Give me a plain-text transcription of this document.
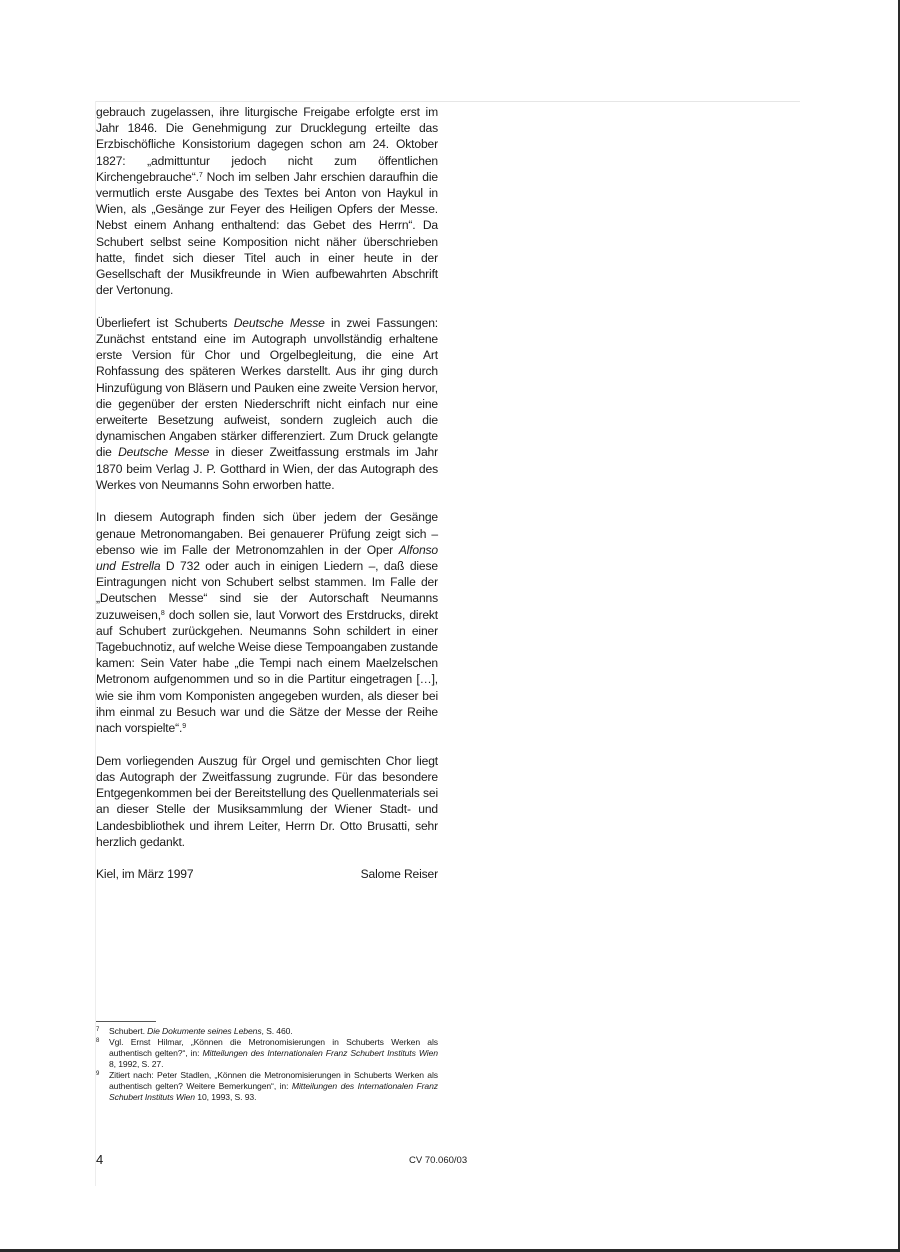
gebrauch zugelassen, ihre liturgische Freigabe erfolgte erst im Jahr 1846. Die Genehmigung zur Drucklegung erteilte das Erzbischöfliche Konsistorium dagegen schon am 24. Oktober 1827: „admittuntur jedoch nicht zum öffentlichen Kirchengebrauche“.$^7$ Noch im selben Jahr erschien daraufhin die vermutlich erste Ausgabe des Textes bei Anton von Haykul in Wien, als „Gesänge zur Feyer des Heiligen Opfers der Messe. Nebst einem Anhang enthaltend: das Gebet des Herrn“. Da Schubert selbst seine Komposition nicht näher überschrieben hatte, findet sich dieser Titel auch in einer heute in der Gesellschaft der Musikfreunde in Wien aufbewahrten Abschrift der Vertonung.

Überliefert ist Schuberts Deutsche Messe in zwei Fassungen: Zunächst entstand eine im Autograph unvollständig erhaltene erste Version für Chor und Orgelbegleitung, die eine Art Rohfassung des späteren Werkes darstellt. Aus ihr ging durch Hinzufügung von Bläsern und Pauken eine zweite Version hervor, die gegenüber der ersten Niederschrift nicht einfach nur eine erweiterte Besetzung aufweist, sondern zugleich auch die dynamischen Angaben stärker differenziert. Zum Druck gelangte die Deutsche Messe in dieser Zweitfassung erstmals im Jahr 1870 beim Verlag J. P. Gotthard in Wien, der das Autograph des Werkes von Neumanns Sohn erworben hatte.

In diesem Autograph finden sich über jedem der Gesänge genaue Metronomangaben. Bei genauerer Prüfung zeigt sich – ebenso wie im Falle der Metronomzahlen in der Oper Alfonso und Estrella D 732 oder auch in einigen Liedern –, daß diese Eintragungen nicht von Schubert selbst stammen. Im Falle der „Deutschen Messe“ sind sie der Autorschaft Neumanns zuzuweisen,$^8$ doch sollen sie, laut Vorwort des Erstdrucks, direkt auf Schubert zurückgehen. Neumanns Sohn schildert in einer Tagebuchnotiz, auf welche Weise diese Tempoangaben zustande kamen: Sein Vater habe „die Tempi nach einem Maelzelschen Metronom aufgenommen und so in die Partitur eingetragen […], wie sie ihm vom Komponisten angegeben wurden, als dieser bei ihm einmal zu Besuch war und die Sätze der Messe der Reihe nach vorspielte“.$^9$

Dem vorliegenden Auszug für Orgel und gemischten Chor liegt das Autograph der Zweitfassung zugrunde. Für das besondere Entgegenkommen bei der Bereitstellung des Quellenmaterials sei an dieser Stelle der Musiksammlung der Wiener Stadt- und Landesbibliothek und ihrem Leiter, Herrn Dr. Otto Brusatti, sehr herzlich gedankt.

Kiel, im März 1997	Salome Reiser
7	Schubert. Die Dokumente seines Lebens, S. 460.
8	Vgl. Ernst Hilmar, „Können die Metronomisierungen in Schuberts Werken als authentisch gelten?“, in: Mitteilungen des Internationalen Franz Schubert Instituts Wien 8, 1992, S. 27.
9	Zitiert nach: Peter Stadlen, „Können die Metronomisierungen in Schuberts Werken als authentisch gelten? Weitere Bemerkungen“, in: Mitteilungen des Internationalen Franz Schubert Instituts Wien 10, 1993, S. 93.
4	CV 70.060/03
